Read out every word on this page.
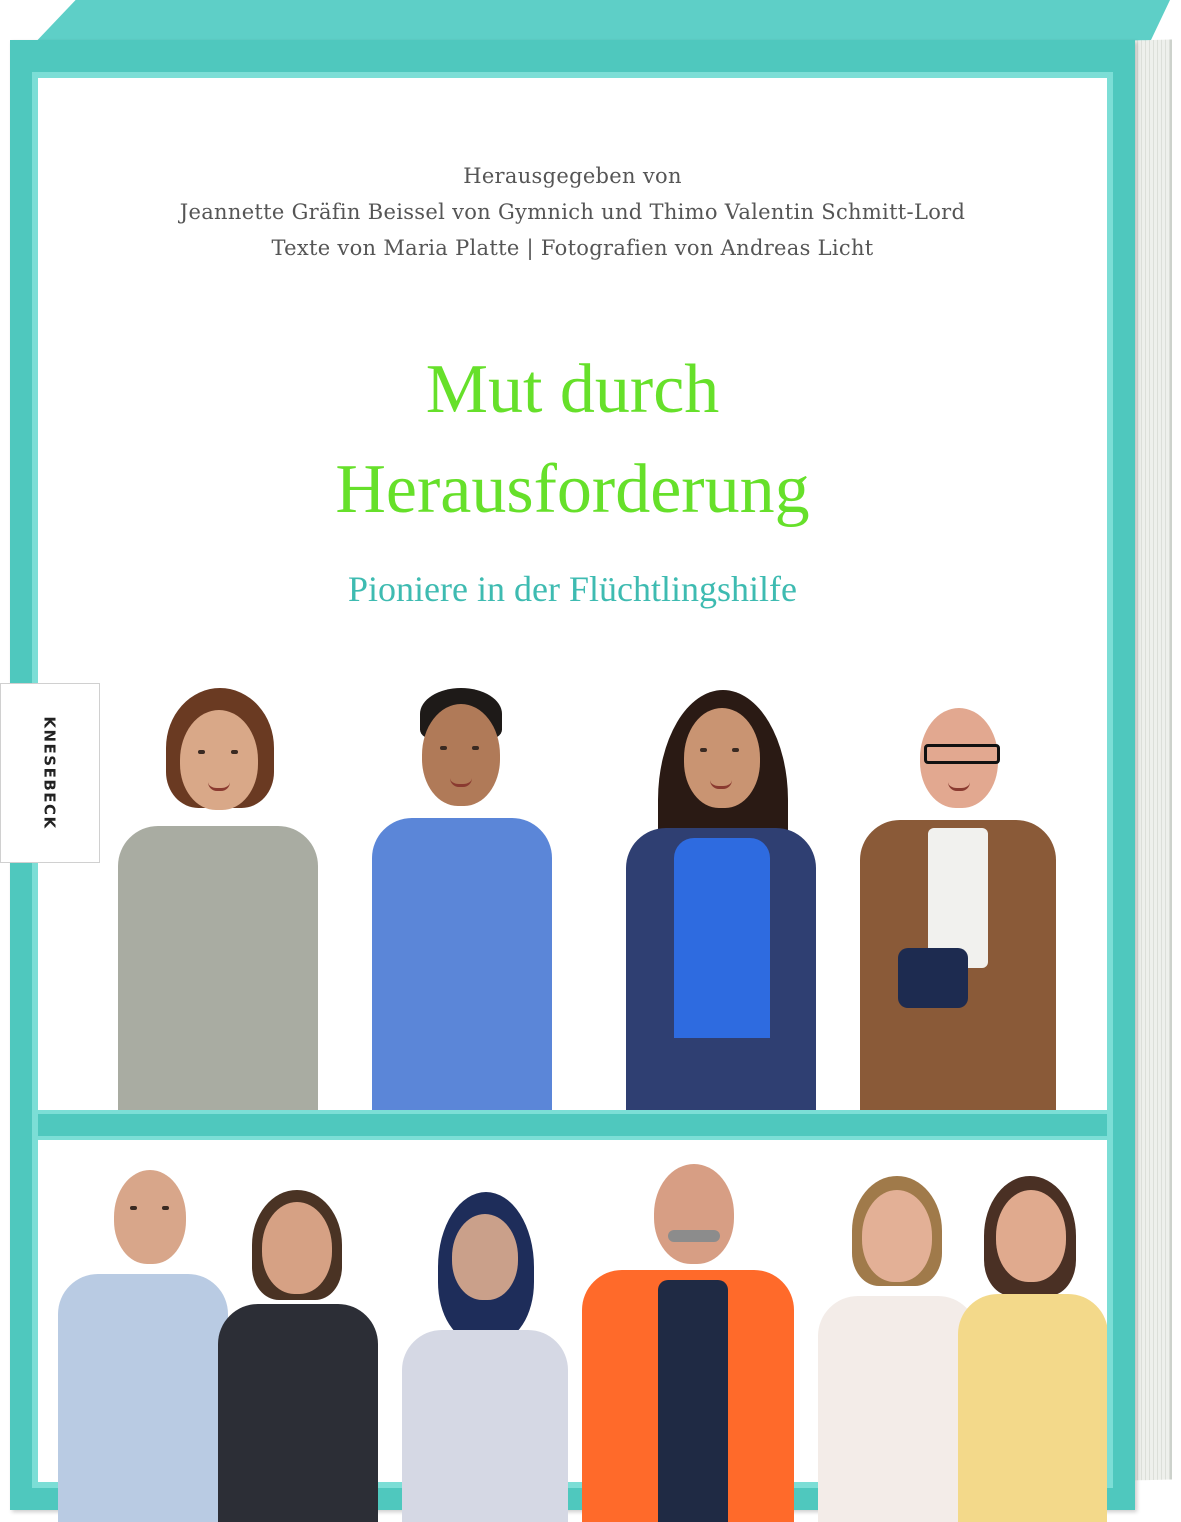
Herausgegeben von
Jeannette Gräfin Beissel von Gymnich und Thimo Valentin Schmitt-Lord
Texte von Maria Platte | Fotografien von Andreas Licht
Mut durch
Herausforderung
Pioniere in der Flüchtlingshilfe
KNESEBECK
